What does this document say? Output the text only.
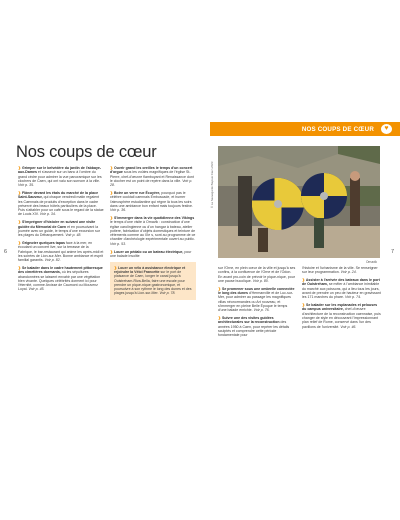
NOS COUPS DE CŒUR	♥
Nos coups de cœur
6	7

❯ Grimper sur le belvédère du jardin de l'abbaye-aux-Dames et s'asseoir sur un banc à l'ombre du grand cèdre pour admirer la vue panoramique sur les clochers de Caen, qui ont valu son surnom à la ville. Voir p. 35.

❯ Flâner devant les étals du marché de la place Saint-Sauveur, qui chaque vendredi matin regaient les Caennais de produits d'exception dans le cadre préservé des beaux hôtels particuliers de la place. Puis s'attabler pour un café sous le regard de la statue de Louis XIV. Voir p. 34.

❯ S'imprégner d'histoire en suivant une visite guidée du Mémorial de Caen et en poursuivant la journée avec un guide, le temps d'une excursion sur les plages du Débarquement. Voir p. 48.

❯ Grignoter quelques tapas face à la mer, en écoutant un concert live, sur la terrasse de la Fabrique, le bar-restaurant qui anime les après-midi et les soirées de Lion-sur-Mer. Bonne ambiance et esprit familial garantis. Voir p. 82.

❯ Se balader dans le cadre hautement pittoresque des cimetières dormants, où les sépultures abandonnées se laissent envahir par une végétation bien vivante. Quelques célébrités dorment ici pour l'éternité, comme Arcisse de Caumont ou Mouvenz Loyal. Voir p. 45.

❯ Ouvrir grand les oreilles le temps d'un concert d'orgue sous les voûtes magnifiques de l'église St-Pierre, chef-d'œuvre flamboyant et Renaissance dont le clocher est un point de repère dans la ville. Voir p. 28.

❯ Boire un verre rue Écuyère, pourquoi pas le célèbre cocktail caennais Embuscade, et humer l'atmosphère estudiantine qui règne là tous les soirs dans une ambiance bon enfant mais toujours festive. Voir p. 36.

❯ S'immerger dans la vie quotidienne des Vikings le temps d'une visite à Ornavik : construction d'une église carolingienne ou d'un hangar à bateau, atelier potiere, fabrication d'objets domestiques et teinture de vêtements comme au IXe s, sont au programme de ce chantier d'archéologie expérimentale ouvert au public. Voir p. 53.

❯ Louer un pédalo ou un bateau électrique, pour une balade insolite

❯ Louer un vélo à assistance électrique et rejoindre la Véloi Francette sur le port de plaisance de Caen, longer le canal jusqu'à Ouistreham-Riva-Bella, faire une escale pour prendre un pique-nique gastronomique, et poursuivre à son rythme le long des dunes et des plages jusqu'à Lion-sur-Mer. Voir p. 78.
© La Sauvegarde Bayeux Caen 2023
Ornavik

sur l'Orne, en plein cœur de la ville et jusqu'à ses confins, à la confluence de l'Orne et de l'Odon. En avant pro-coin de prévoir le pique-nique, pour une pause bucolique. Voir p. 80.

❯ Se promener sous une ombrelle connectée le long des dunes d'Hermanville et de Luc-sur-Mer, pour admirer au passage les magnifiques villas néonormandes ou Art nouveau, et s'immerger en pleine Belle Époque le temps d'une balade enrichie. Voir p. 76.

❯ Suivre une des visites guidées architecturales sur la reconstruction des années 1950 à Caen, pour repérer les détails sculptés et comprendre cette période fondamentale pour

l'histoire et l'urbanisme de la ville. Se renseigner sur leur programmation. Voir p. 24.

❯ Assister à l'arrivée des bateaux dans le port de Ouistreham, se mêler à l'ambiance inimitable du marché aux poissons, qui a lieu tous les jours, avant de prendre un peu de hauteur en gravissant les 171 marches du phare. Voir p. 74.

❯ Se balader sur les esplanades et pelouses du campus universitaire, chef-d'œuvre d'architecture de la reconstruction caennaise, puis changer de style en découvrant l'impressionnant plan relief de Rome, conservé dans l'un des pavillons de l'université. Voir p. 46.
